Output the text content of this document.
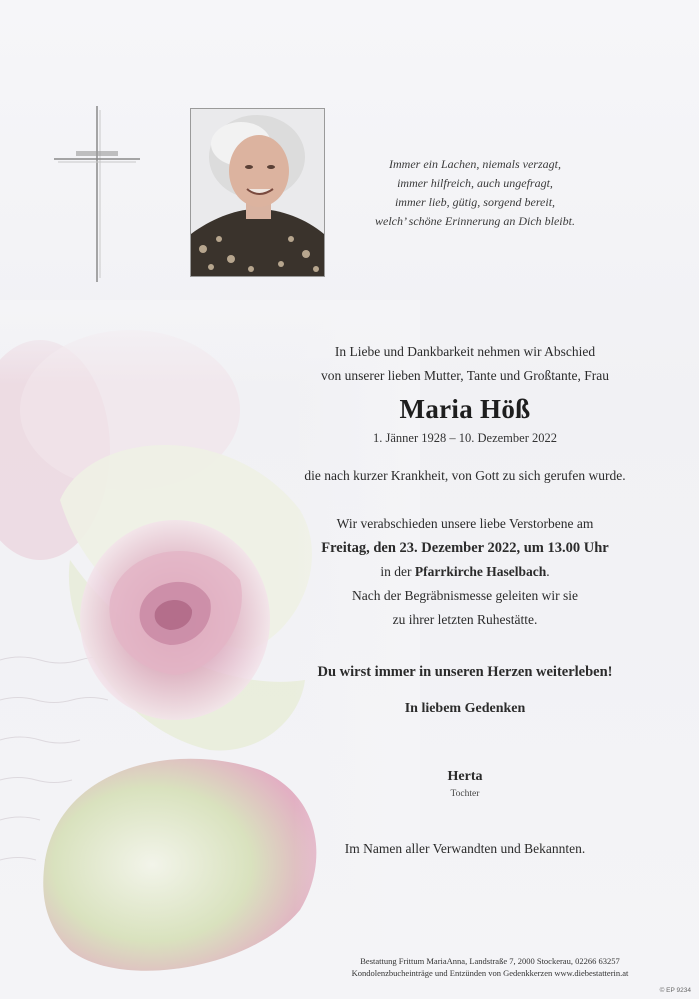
Immer ein Lachen, niemals verzagt,
immer hilfreich, auch ungefragt,
immer lieb, gütig, sorgend bereit,
welch’ schöne Erinnerung an Dich bleibt.
In Liebe und Dankbarkeit nehmen wir Abschied
von unserer lieben Mutter, Tante und Großtante, Frau
Maria Höß
1. Jänner 1928 – 10. Dezember 2022
die nach kurzer Krankheit, von Gott zu sich gerufen wurde.
Wir verabschieden unsere liebe Verstorbene am
Freitag, den 23. Dezember 2022, um 13.00 Uhr
in der Pfarrkirche Haselbach.
Nach der Begräbnismesse geleiten wir sie
zu ihrer letzten Ruhestätte.
Du wirst immer in unseren Herzen weiterleben!
In liebem Gedenken
Herta
Tochter
Im Namen aller Verwandten und Bekannten.
Bestattung Frittum MariaAnna, Landstraße 7, 2000 Stockerau, 02266 63257
Kondolenzbucheinträge und Entzünden von Gedenkkerzen www.diebestatterin.at
© EP 9234
